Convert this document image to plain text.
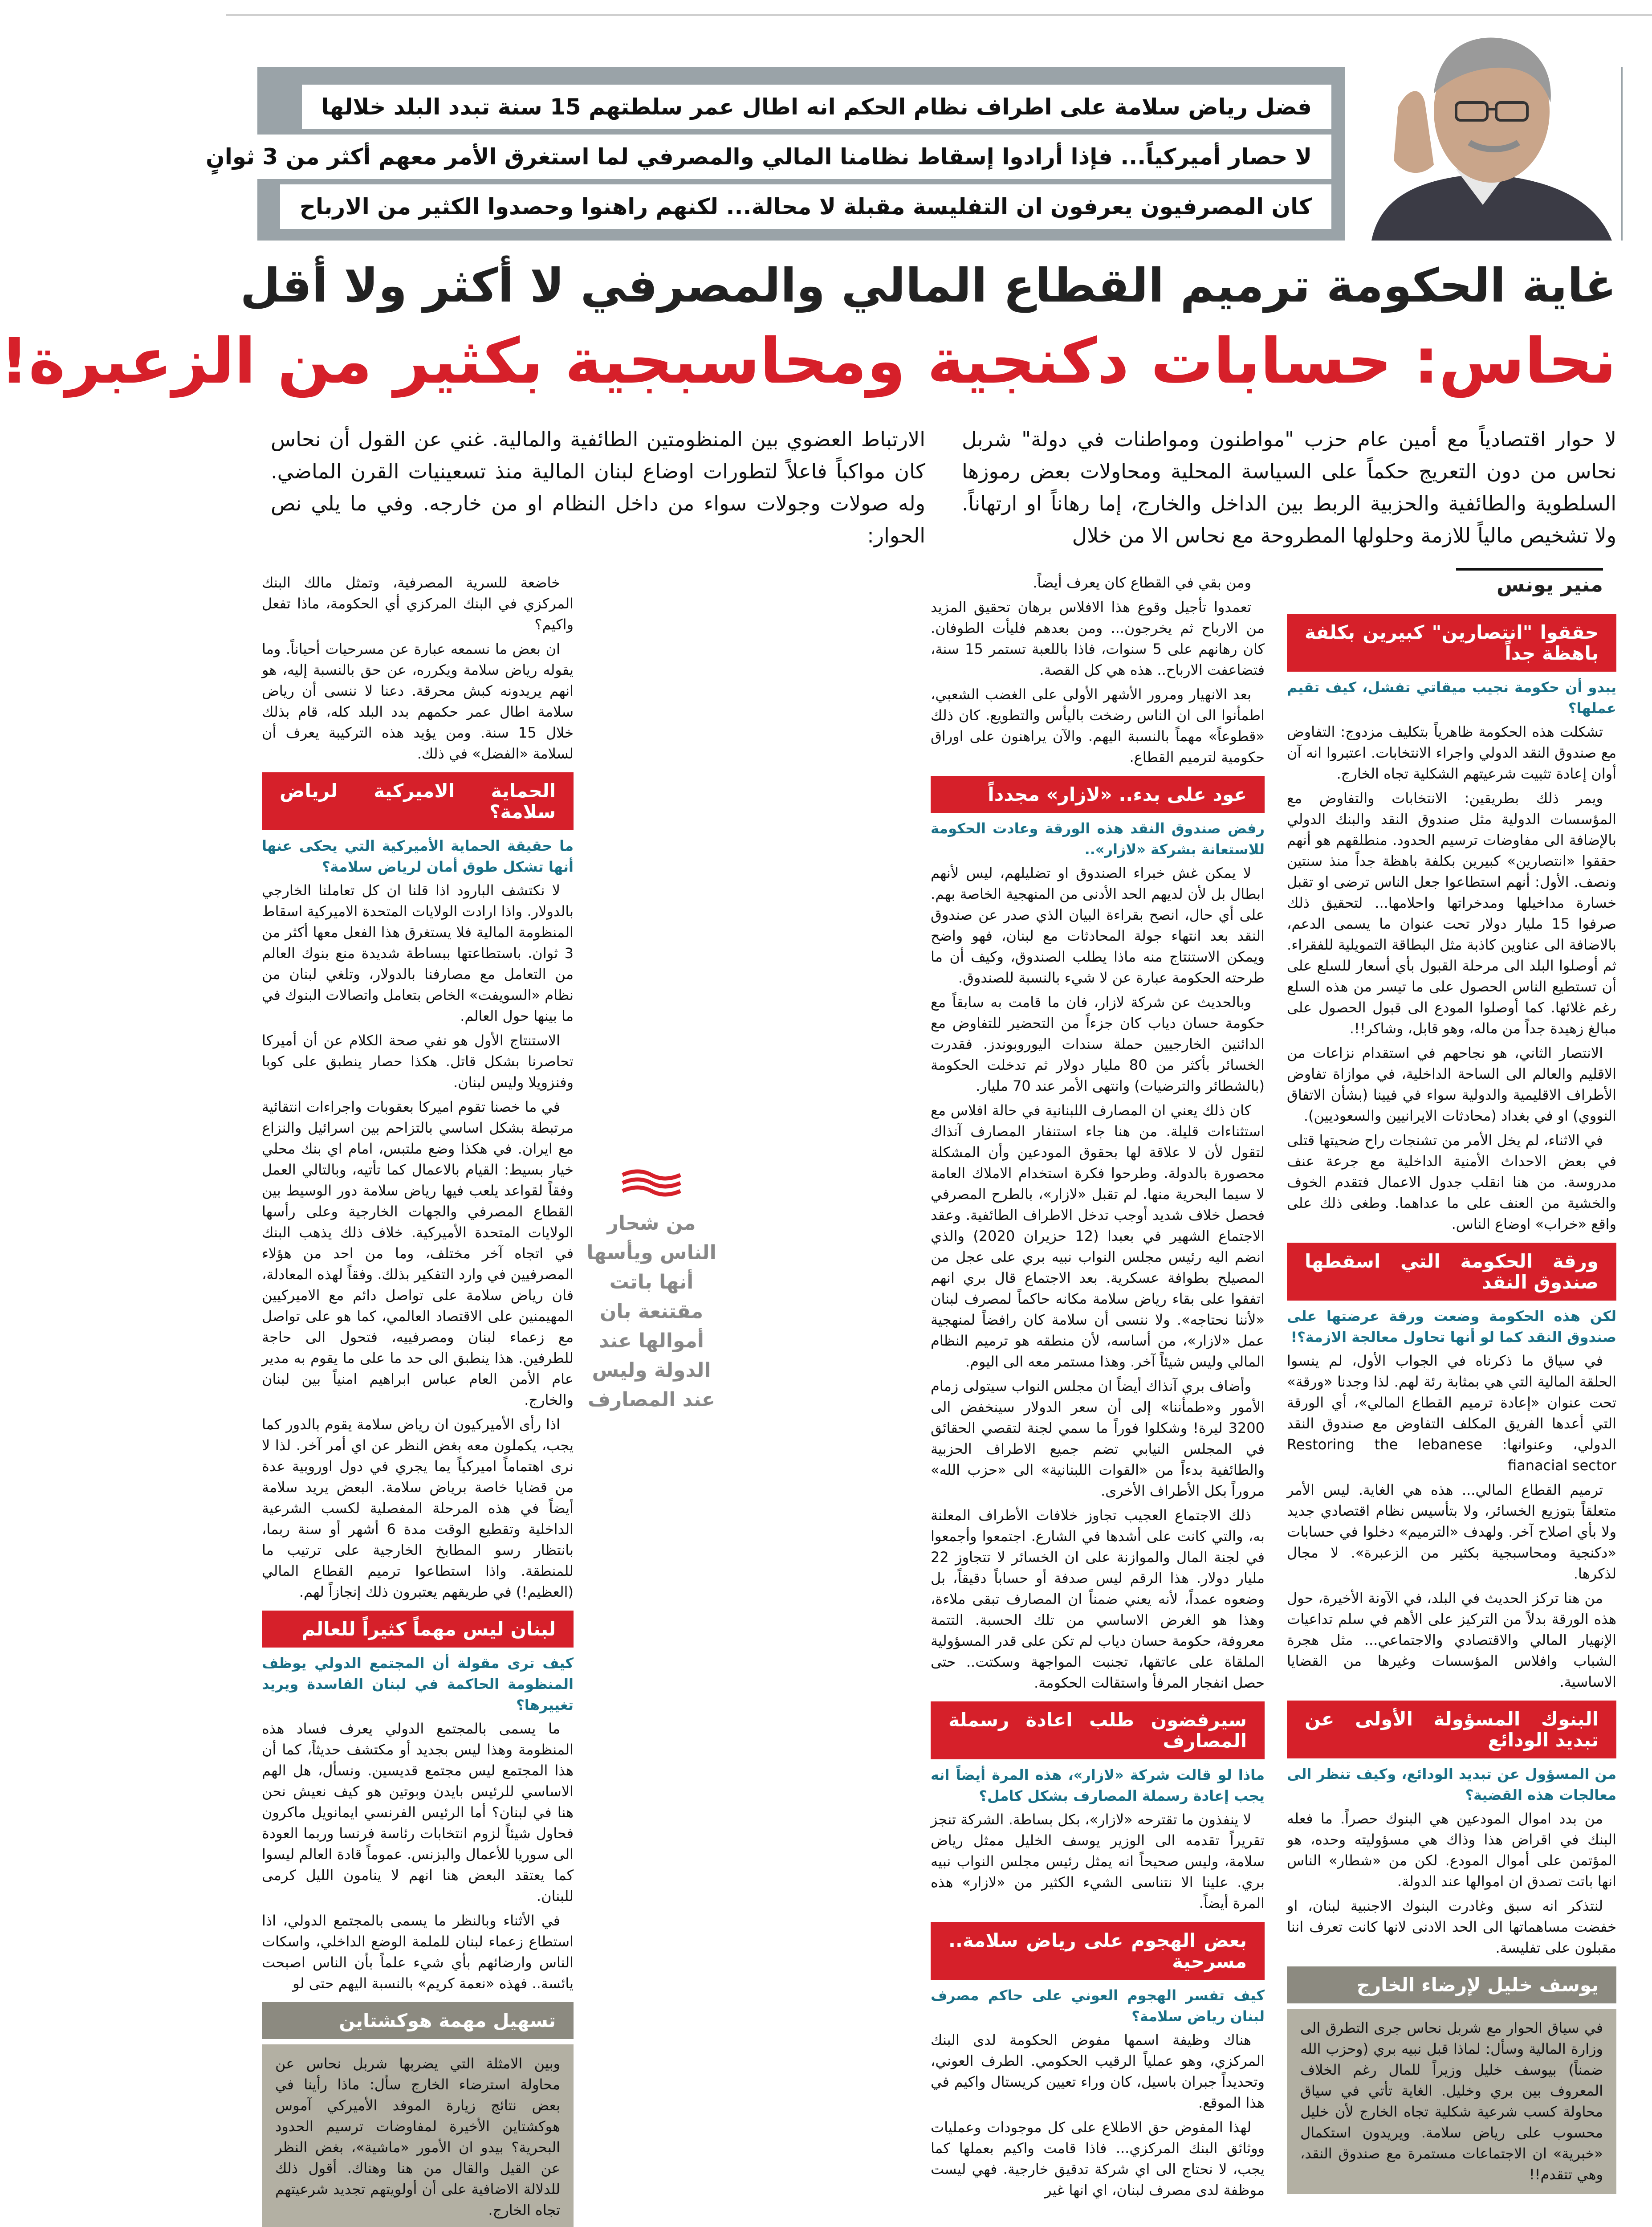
فضل رياض سلامة على اطراف نظام الحكم انه اطال عمر سلطتهم 15 سنة تبدد البلد خلالها
لا حصار أميركياً... فإذا أرادوا إسقاط نظامنا المالي والمصرفي لما استغرق الأمر معهم أكثر من 3 ثوانٍ
كان المصرفيون يعرفون ان التفليسة مقبلة لا محالة... لكنهم راهنوا وحصدوا الكثير من الارباح
غاية الحكومة ترميم القطاع المالي والمصرفي لا أكثر ولا أقل
نحاس: حسابات دكنجية ومحاسبجية بكثير من الزعبرة!
لا حوار اقتصادياً مع أمين عام حزب "مواطنون ومواطنات في دولة" شربل نحاس من دون التعريج حكماً على السياسة المحلية ومحاولات بعض رموزها السلطوية والطائفية والحزبية الربط بين الداخل والخارج، إما رهاناً او ارتهاناً. ولا تشخيص مالياً للازمة وحلولها المطروحة مع نحاس الا من خلال
الارتباط العضوي بين المنظومتين الطائفية والمالية. غني عن القول أن نحاس كان مواكباً فاعلاً لتطورات اوضاع لبنان المالية منذ تسعينيات القرن الماضي. وله صولات وجولات سواء من داخل النظام او من خارجه. وفي ما يلي نص الحوار:
منير يونس
حققوا "انتصارين" كبيرين بكلفة باهظة جداً

يبدو أن حكومة نجيب ميقاتي تفشل، كيف تقيم عملها؟

تشكلت هذه الحكومة ظاهرياً بتكليف مزدوج: التفاوض مع صندوق النقد الدولي واجراء الانتخابات. اعتبروا انه آن أوان إعادة تثبيت شرعيتهم الشكلية تجاه الخارج.

ويمر ذلك بطريقين: الانتخابات والتفاوض مع المؤسسات الدولية مثل صندوق النقد والبنك الدولي بالإضافة الى مفاوضات ترسيم الحدود. منطلقهم هو أنهم حققوا «انتصارين» كبيرين بكلفة باهظة جداً منذ سنتين ونصف. الأول: أنهم استطاعوا جعل الناس ترضى او تقبل خسارة مداخيلها ومدخراتها واحلامها... لتحقيق ذلك صرفوا 15 مليار دولار تحت عنوان ما يسمى الدعم، بالاضافة الى عناوين كاذبة مثل البطاقة التمويلية للفقراء. ثم أوصلوا البلد الى مرحلة القبول بأي أسعار للسلع على أن تستطيع الناس الحصول على ما تيسر من هذه السلع رغم غلائها. كما أوصلوا المودع الى قبول الحصول على مبالغ زهيدة جداً من ماله، وهو قابل، وشاكر!!.

الانتصار الثاني، هو نجاحهم في استقدام نزاعات من الاقليم والعالم الى الساحة الداخلية، في موازاة تفاوض الأطراف الاقليمية والدولية سواء في فيينا (بشأن الاتفاق النووي) او في بغداد (محادثات الايرانيين والسعوديين).

في الاثناء، لم يخل الأمر من تشنجات راح ضحيتها قتلى في بعض الاحداث الأمنية الداخلية مع جرعة عنف مدروسة. من هنا انقلب جدول الاعمال فتقدم الخوف والخشية من العنف على ما عداهما. وطغى ذلك على واقع «خراب» اوضاع الناس.

ورقة الحكومة التي اسقطها صندوق النقد

لكن هذه الحكومة وضعت ورقة عرضتها على صندوق النقد كما لو أنها تحاول معالجة الازمة؟!

في سياق ما ذكرناه في الجواب الأول، لم ينسوا الحلقة المالية التي هي بمثابة رئة لهم. لذا وجدنا «ورقة» تحت عنوان «إعادة ترميم القطاع المالي»، أي الورقة التي أعدها الفريق المكلف التفاوض مع صندوق النقد الدولي، وعنوانها: Restoring the lebanese fianacial sector

ترميم القطاع المالي... هذه هي الغاية. ليس الأمر متعلقاً بتوزيع الخسائر، ولا بتأسيس نظام اقتصادي جديد ولا بأي اصلاح آخر. ولهدف «الترميم» دخلوا في حسابات «دكنجية ومحاسبجية بكثير من الزعبرة». لا مجال لذكرها.

من هنا تركز الحديث في البلد، في الآونة الأخيرة، حول هذه الورقة بدلاً من التركيز على الأهم في سلم تداعيات الإنهيار المالي والاقتصادي والاجتماعي... مثل هجرة الشباب وافلاس المؤسسات وغيرها من القضايا الاساسية.

البنوك المسؤولة الأولى عن تبديد الودائع

من المسؤول عن تبديد الودائع، وكيف تنظر الى معالجات هذه القضية؟

من بدد اموال المودعين هي البنوك حصراً. ما فعله البنك في اقراض هذا وذاك هي مسؤوليته وحده، هو المؤتمن على أموال المودع. لكن من «شطار» الناس انها باتت تصدق ان اموالها عند الدولة.

لنتذكر انه سبق وغادرت البنوك الاجنبية لبنان، او خفضت مساهماتها الى الحد الادنى لانها كانت تعرف اننا مقبلون على تفليسة.

يوسف خليل لإرضاء الخارج
في سياق الحوار مع شربل نحاس جرى التطرق الى وزارة المالية وسأل: لماذا قبل نبيه بري (وحزب الله ضمناً) بيوسف خليل وزيراً للمال رغم الخلاف المعروف بين بري وخليل. الغاية تأتي في سياق محاولة كسب شرعية شكلية تجاه الخارج لأن خليل محسوب على رياض سلامة. ويريدون استكمال «خبرية» ان الاجتماعات مستمرة مع صندوق النقد، وهي تتقدم!!

ومن بقي في القطاع كان يعرف أيضاً.

تعمدوا تأجيل وقوع هذا الافلاس برهان تحقيق المزيد من الارباح ثم يخرجون... ومن بعدهم فليأت الطوفان. كان رهانهم على 5 سنوات، فاذا باللعبة تستمر 15 سنة، فتضاعفت الارباح.. هذه هي كل القصة.

بعد الانهيار ومرور الأشهر الأولى على الغضب الشعبي، اطمأنوا الى ان الناس رضخت باليأس والتطويع. كان ذلك «قطوعاً» مهماً بالنسبة اليهم. والآن يراهنون على اوراق حكومية لترميم القطاع.

عود على بدء.. «لازار» مجدداً

رفض صندوق النقد هذه الورقة وعادت الحكومة للاستعانة بشركة «لازار»..

لا يمكن غش خبراء الصندوق او تضليلهم، ليس لأنهم ابطال بل لأن لديهم الحد الأدنى من المنهجية الخاصة بهم. على أي حال، انصح بقراءة البيان الذي صدر عن صندوق النقد بعد انتهاء جولة المحادثات مع لبنان، فهو واضح ويمكن الاستنتاج منه ماذا يطلب الصندوق، وكيف أن ما طرحته الحكومة عبارة عن لا شيء بالنسبة للصندوق.

وبالحديث عن شركة لازار، فان ما قامت به سابقاً مع حكومة حسان دياب كان جزءاً من التحضير للتفاوض مع الدائنين الخارجيين حملة سندات اليوروبوندز. فقدرت الخسائر بأكثر من 80 مليار دولار ثم تدخلت الحكومة (بالشطائر والترضيات) وانتهى الأمر عند 70 مليار.

كان ذلك يعني ان المصارف اللبنانية في حالة افلاس مع استثناءات قليلة. من هنا جاء استنفار المصارف آنذاك لتقول لأن لا علاقة لها بحقوق المودعين وأن المشكلة محصورة بالدولة. وطرحوا فكرة استخدام الاملاك العامة لا سيما البحرية منها. لم تقبل «لازار»، بالطرح المصرفي فحصل خلاف شديد أوجب تدخل الاطراف الطائفية. وعقد الاجتماع الشهير في بعبدا (12 حزيران 2020) والذي انضم اليه رئيس مجلس النواب نبيه بري على عجل من المصيلح بطوافة عسكرية. بعد الاجتماع قال بري انهم اتفقوا على بقاء رياض سلامة مكانه حاكماً لمصرف لبنان «لأننا نحتاجه». ولا ننسى أن سلامة كان رافضاً لمنهجية عمل «لازار»، من أساسه، لأن منطقه هو ترميم النظام المالي وليس شيئاً آخر. وهذا مستمر معه الى اليوم.

وأضاف بري آنذاك أيضاً ان مجلس النواب سيتولى زمام الأمور و«طمأننا» إلى أن سعر الدولار سينخفض الى 3200 ليرة! وشكلوا فوراً ما سمي لجنة لتقصي الحقائق في المجلس النيابي تضم جميع الاطراف الحزبية والطائفية بدءاً من «القوات اللبنانية» الى «حزب الله» مروراً بكل الأطراف الأخرى.

ذلك الاجتماع العجيب تجاوز خلافات الأطراف المعلنة به، والتي كانت على أشدها في الشارع. اجتمعوا وأجمعوا في لجنة المال والموازنة على ان الخسائر لا تتجاوز 22 مليار دولار. هذا الرقم ليس صدفة أو حساباً دقيقاً، بل وضعوه عمداً، لأنه يعني ضمناً ان المصارف تبقى ملاءة، وهذا هو الغرض الاساسي من تلك الحسبة. التتمة معروفة، حكومة حسان دياب لم تكن على قدر المسؤولية الملقاة على عاتقها، تجنبت المواجهة وسكتت.. حتى حصل انفجار المرفأ واستقالت الحكومة.

سيرفضون طلب اعادة رسملة المصارف

ماذا لو قالت شركة «لازار»، هذه المرة أيضاً انه يجب إعادة رسملة المصارف بشكل كامل؟

لا ينفذون ما تقترحه «لازار»، بكل بساطة. الشركة تنجز تقريراً تقدمه الى الوزير يوسف الخليل ممثل رياض سلامة، وليس صحيحاً انه يمثل رئيس مجلس النواب نبيه بري. علينا الا نتناسى الشيء الكثير من «لازار» هذه المرة أيضاً.

بعض الهجوم على رياض سلامة.. مسرحية

كيف تفسر الهجوم العوني على حاكم مصرف لبنان رياض سلامة؟

هناك وظيفة اسمها مفوض الحكومة لدى البنك المركزي، وهو عملياً الرقيب الحكومي. الطرف العوني، وتحديداً جبران باسيل، كان وراء تعيين كريستال واكيم في هذا الموقع.

لهذا المفوض حق الاطلاع على كل موجودات وعمليات ووثائق البنك المركزي... فاذا قامت واكيم بعملها كما يجب، لا نحتاج الى اي شركة تدقيق خارجية. فهي ليست موظفة لدى مصرف لبنان، اي انها غير

من شحار الناس ويأسها أنها باتت مقتنعة بان أموالها عند الدولة وليس عند المصارف

خاضعة للسرية المصرفية، وتمثل مالك البنك المركزي في البنك المركزي أي الحكومة، ماذا تفعل واكيم؟

ان بعض ما نسمعه عبارة عن مسرحيات أحياناً. وما يقوله رياض سلامة ويكرره، عن حق بالنسبة إليه، هو انهم يريدونه كبش محرقة. دعنا لا ننسى أن رياض سلامة اطال عمر حكمهم بدد البلد كله، قام بذلك خلال 15 سنة. ومن يؤيد هذه التركيبة يعرف أن لسلامة «الفضل» في ذلك.

الحماية الاميركية لرياض سلامة؟

ما حقيقة الحماية الأميركية التي يحكى عنها أنها تشكل طوق أمان لرياض سلامة؟

لا نكتشف البارود اذا قلنا ان كل تعاملنا الخارجي بالدولار. واذا ارادت الولايات المتحدة الاميركية اسقاط المنظومة المالية فلا يستغرق هذا الفعل معها أكثر من 3 ثوان. باستطاعتها ببساطة شديدة منع بنوك العالم من التعامل مع مصارفنا بالدولار، وتلغي لبنان من نظام «السويفت» الخاص بتعامل واتصالات البنوك في ما بينها حول العالم.

الاستنتاج الأول هو نفي صحة الكلام عن أن أميركا تحاصرنا بشكل قاتل. هكذا حصار ينطبق على كوبا وفنزويلا وليس لبنان.

في ما خصنا تقوم اميركا بعقوبات واجراءات انتقائية مرتبطة بشكل اساسي بالتزاحم بين اسرائيل والنزاع مع ايران. في هكذا وضع ملتبس، امام اي بنك محلي خيار بسيط: القيام بالاعمال كما تأتيه، وبالتالي العمل وفقاً لقواعد يلعب فيها رياض سلامة دور الوسيط بين القطاع المصرفي والجهات الخارجية وعلى رأسها الولايات المتحدة الأميركية. خلاف ذلك يذهب البنك في اتجاه آخر مختلف، وما من احد من هؤلاء المصرفيين في وارد التفكير بذلك. وفقاً لهذه المعادلة، فان رياض سلامة على تواصل دائم مع الاميركيين المهيمنين على الاقتصاد العالمي، كما هو على تواصل مع زعماء لبنان ومصرفييه، فتحول الى حاجة للطرفين. هذا ينطبق الى حد ما على ما يقوم به مدير عام الأمن العام عباس ابراهيم امنياً بين لبنان والخارج.

اذا رأى الأميركيون ان رياض سلامة يقوم بالدور كما يجب، يكملون معه بغض النظر عن اي أمر آخر. لذا لا نرى اهتماماً اميركياً يما يجري في دول اوروبية عدة من قضايا خاصة برياض سلامة. البعض يريد سلامة أيضاً في هذه المرحلة المفصلية لكسب الشرعية الداخلية وتقطيع الوقت مدة 6 أشهر أو سنة ربما، بانتظار رسو المطابخ الخارجية على ترتيب ما للمنطقة. واذا استطاعوا ترميم القطاع المالي (العظيم!) في طريقهم يعتبرون ذلك إنجازاً لهم.

لبنان ليس مهماً كثيراً للعالم

كيف ترى مقولة أن المجتمع الدولي يوظف المنظومة الحاكمة في لبنان الفاسدة ويريد تغييرها؟

ما يسمى بالمجتمع الدولي يعرف فساد هذه المنظومة وهذا ليس بجديد أو مكتشف حديثاً، كما أن هذا المجتمع ليس مجتمع قديسين. ونسأل، هل الهم الاساسي للرئيس بايدن وبوتين هو كيف نعيش نحن هنا في لبنان؟ أما الرئيس الفرنسي ايمانويل ماكرون فحاول شيئاً لزوم انتخابات رئاسة فرنسا وربما العودة الى سوريا للأعمال والبزنس. عموماً قادة العالم ليسوا كما يعتقد البعض هنا انهم لا ينامون الليل كرمى للبنان.

في الأثناء وبالنظر ما يسمى بالمجتمع الدولي، اذا استطاع زعماء لبنان للملمة الوضع الداخلي، واسكات الناس وارضائهم بأي شيء علماً بأن الناس اصبحت يائسة.. فهذه «نعمة كريم» بالنسبة اليهم حتى لو

تسهيل مهمة هوكشتاين
وبين الامثلة التي يضربها شربل نحاس عن محاولة استرضاء الخارج سأل: ماذا رأينا في بعض نتائج زيارة الموفد الأميركي آموس هوكشتاين الأخيرة لمفاوضات ترسيم الحدود البحرية؟ بيدو ان الأمور «ماشية»، بغض النظر عن القيل والقال من هنا وهناك. أقول ذلك للدلالة الاضافية على أن أولويتهم تجديد شرعيتهم تجاه الخارج.
